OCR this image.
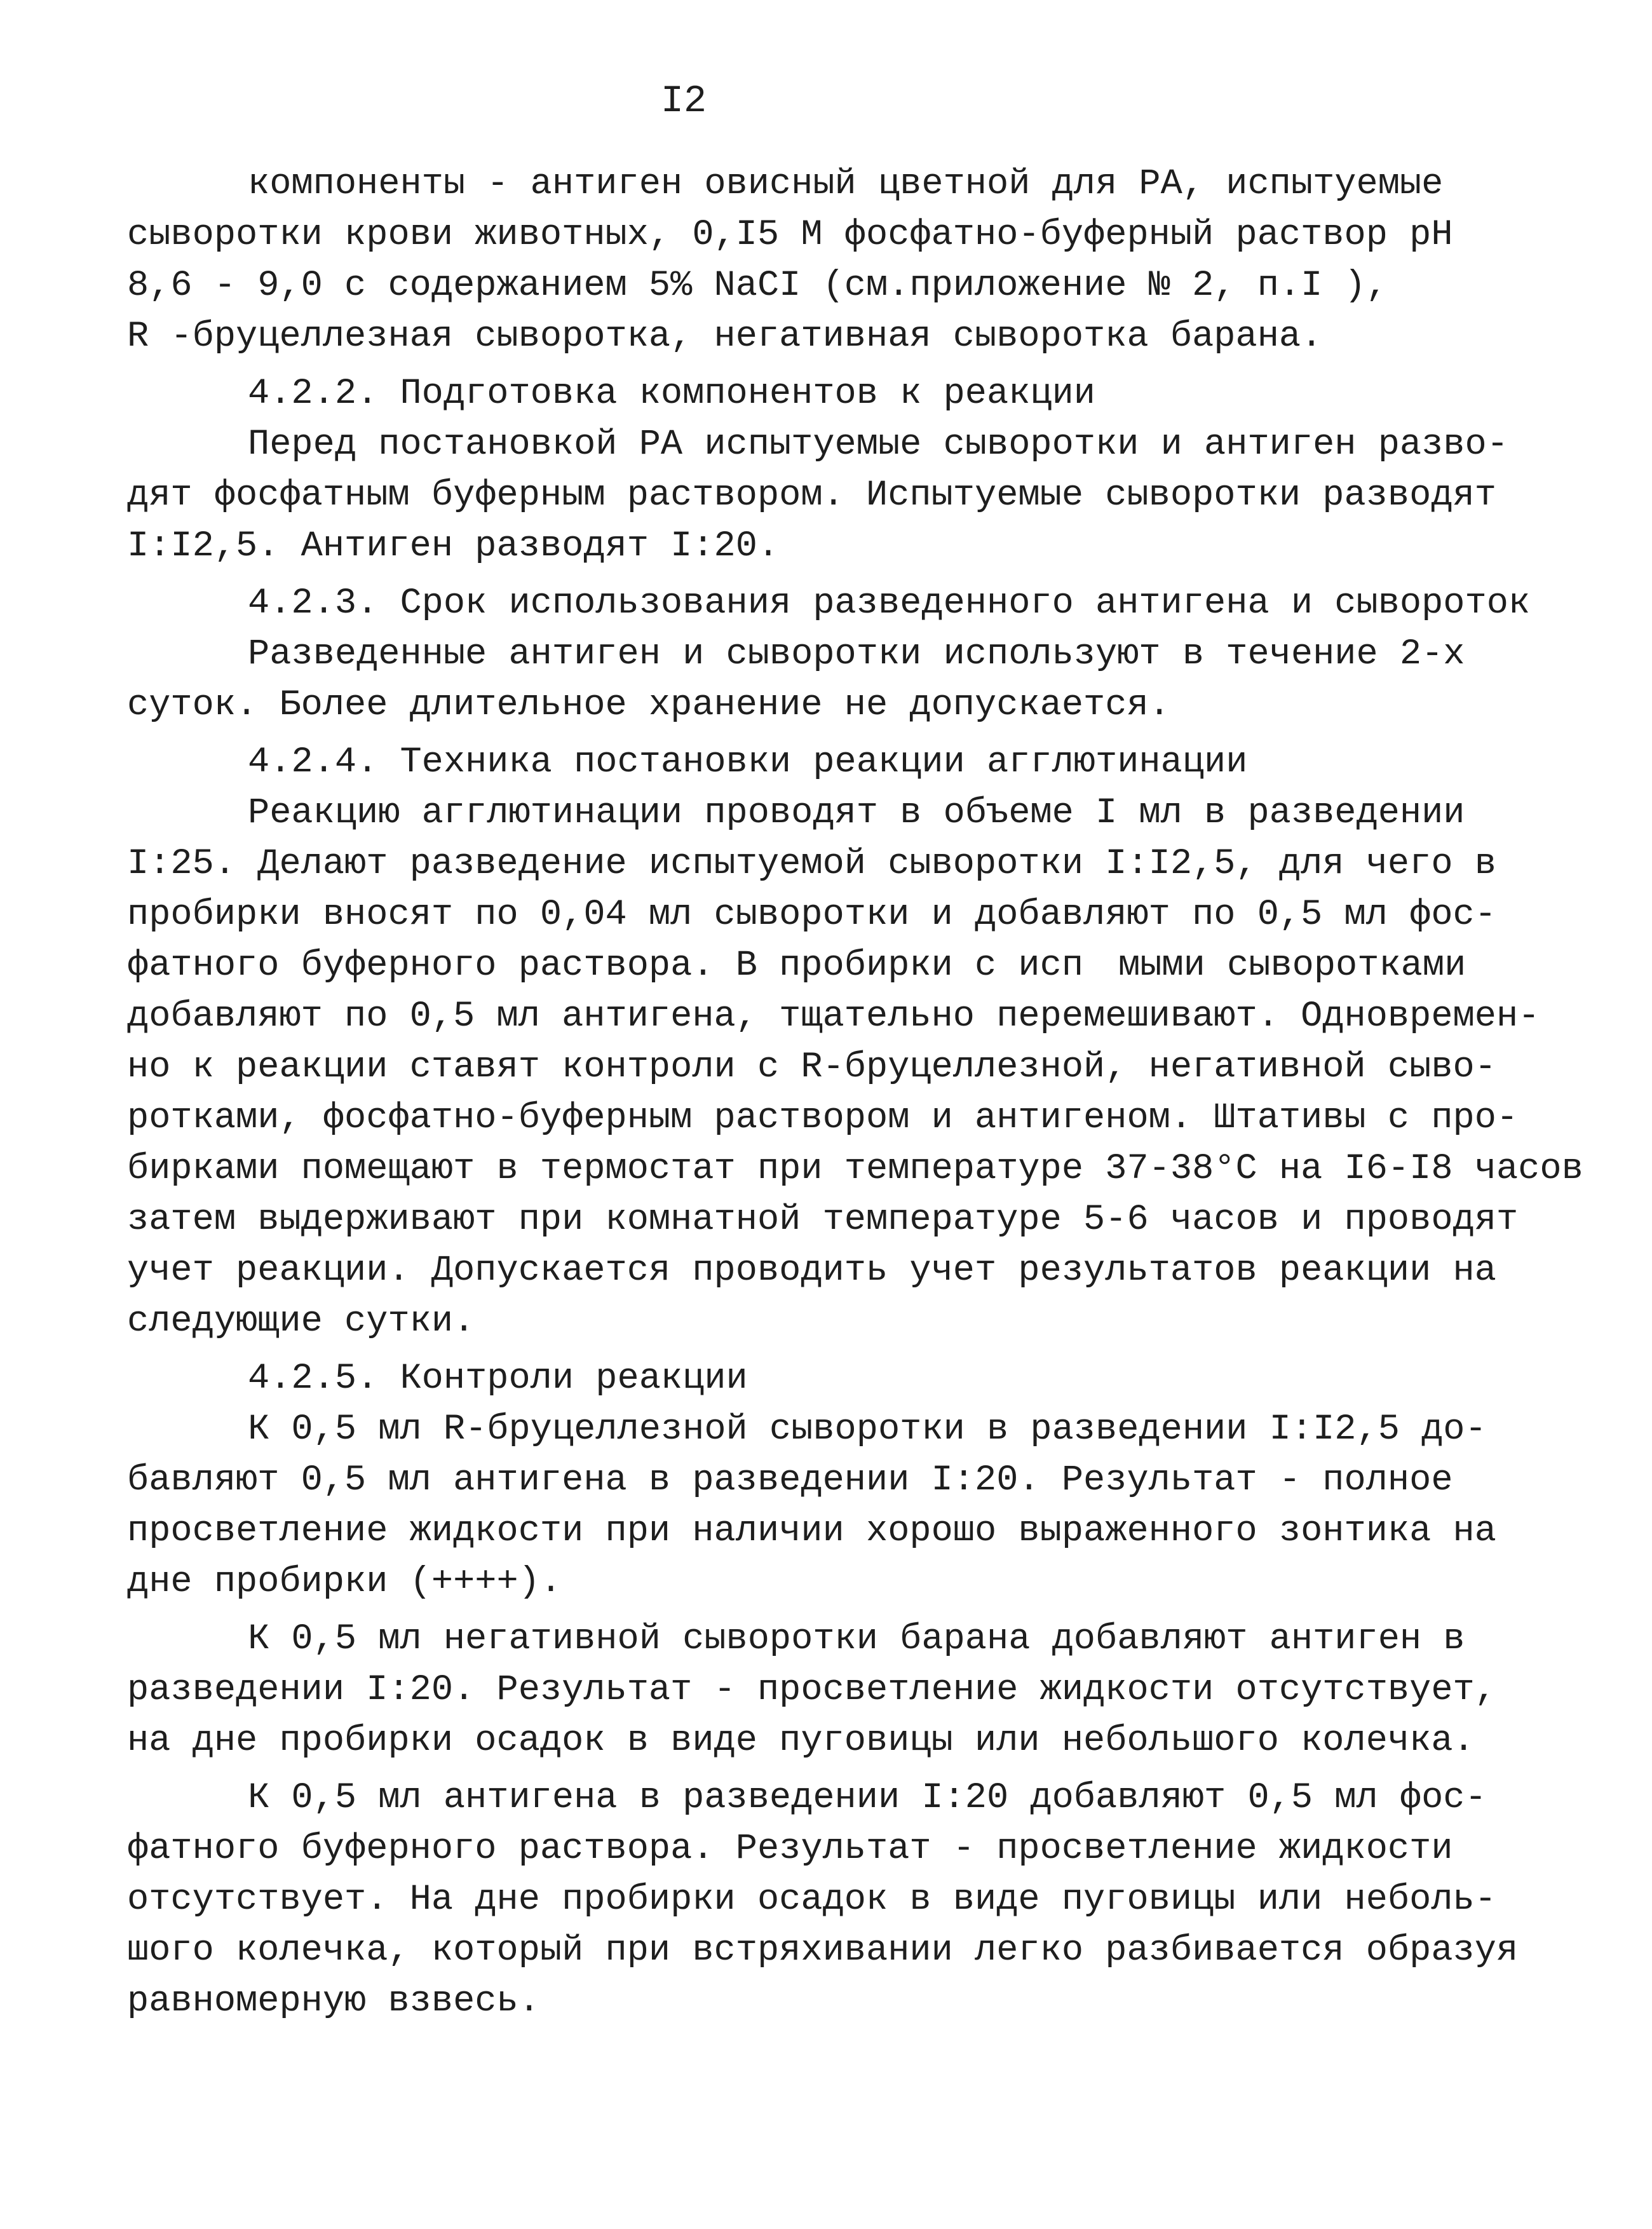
I2
компоненты - антиген овисный цветной для РА, испытуемые
сыворотки крови животных, 0,I5 М фосфатно-буферный раствор рН
8,6 - 9,0 с содержанием 5% NaCI (см.приложение № 2, п.I ),
R -бруцеллезная сыворотка, негативная сыворотка барана.
4.2.2. Подготовка компонентов к реакции
Перед постановкой РА испытуемые сыворотки и антиген разво-
дят фосфатным буферным раствором. Испытуемые сыворотки разводят
I:I2,5. Антиген разводят I:20.
4.2.3. Срок использования разведенного антигена и сывороток
Разведенные антиген и сыворотки используют в течение 2-х
суток. Более длительное хранение не допускается.
4.2.4. Техника постановки реакции агглютинации
Реакцию агглютинации проводят в объеме I мл в разведении
I:25. Делают разведение испытуемой сыворотки I:I2,5, для чего в
пробирки вносят по 0,04 мл сыворотки и добавляют по 0,5 мл фос-
фатного буферного раствора. В пробирки с исп мыми сыворотками
добавляют по 0,5 мл антигена, тщательно перемешивают. Одновремен-
но к реакции ставят контроли с R-бруцеллезной, негативной сыво-
ротками, фосфатно-буферным раствором и антигеном. Штативы с про-
бирками помещают в термостат при температуре 37-38°С на I6-I8 часов
затем выдерживают при комнатной температуре 5-6 часов и проводят
учет реакции. Допускается проводить учет результатов реакции на
следующие сутки.
4.2.5. Контроли реакции
К 0,5 мл R-бруцеллезной сыворотки в разведении I:I2,5 до-
бавляют 0,5 мл антигена в разведении I:20. Результат - полное
просветление жидкости при наличии хорошо выраженного зонтика на
дне пробирки (++++).
К 0,5 мл негативной сыворотки барана добавляют антиген в
разведении I:20. Результат - просветление жидкости отсутствует,
на дне пробирки осадок в виде пуговицы или небольшого колечка.
К 0,5 мл антигена в разведении I:20 добавляют 0,5 мл фос-
фатного буферного раствора. Результат - просветление жидкости
отсутствует. На дне пробирки осадок в виде пуговицы или неболь-
шого колечка, который при встряхивании легко разбивается образуя
равномерную взвесь.
